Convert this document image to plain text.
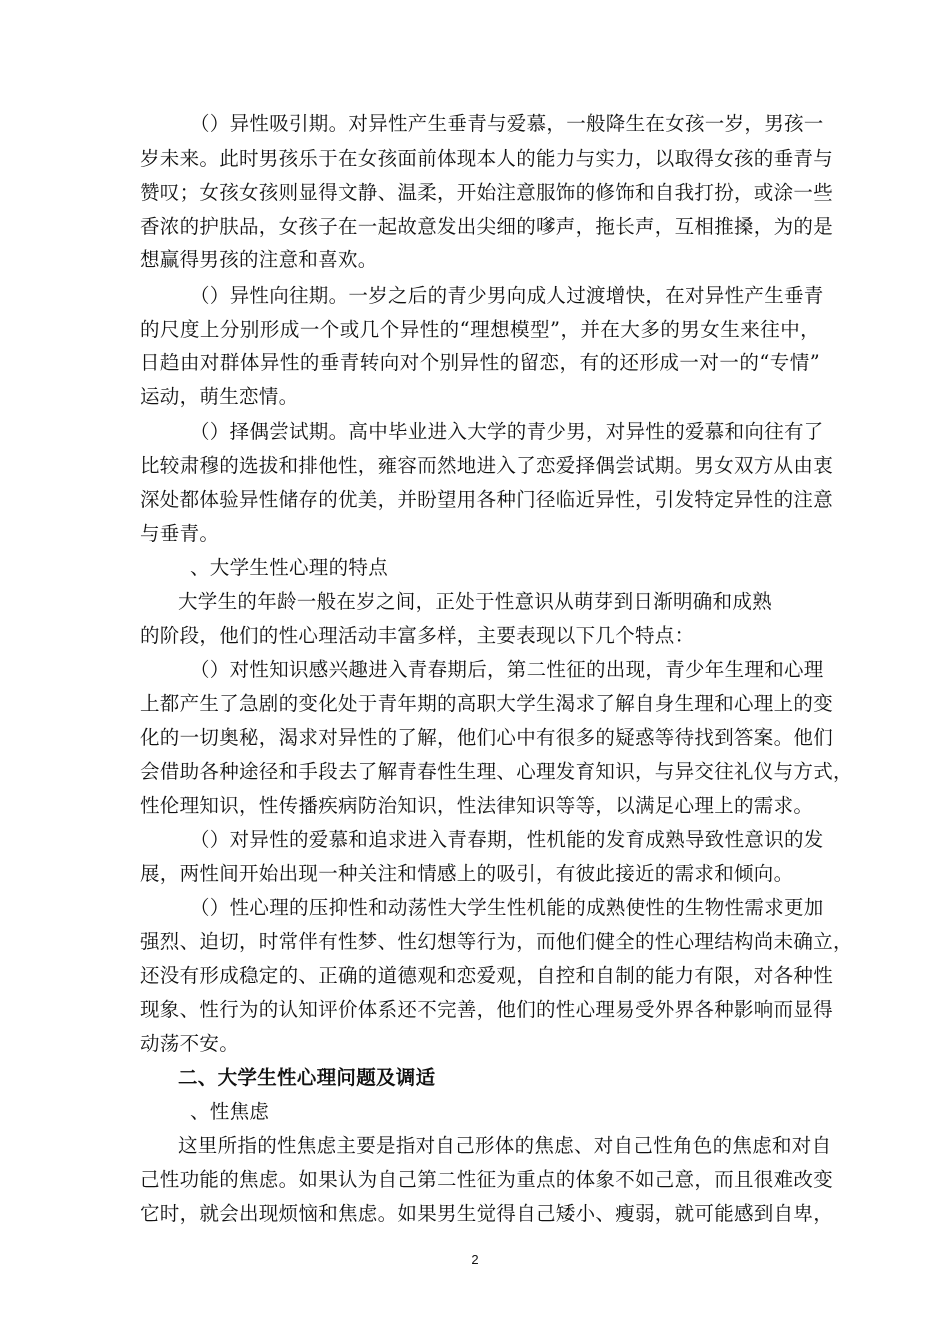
（）异性吸引期。对异性产生垂青与爱慕，一般降生在女孩一岁，男孩一
岁未来。此时男孩乐于在女孩面前体现本人的能力与实力，以取得女孩的垂青与
赞叹；女孩女孩则显得文静、温柔，开始注意服饰的修饰和自我打扮，或涂一些
香浓的护肤品，女孩子在一起故意发出尖细的嗲声，拖长声，互相推搡，为的是
想赢得男孩的注意和喜欢。
（）异性向往期。一岁之后的青少男向成人过渡增快，在对异性产生垂青
的尺度上分别形成一个或几个异性的“理想模型”，并在大多的男女生来往中，
日趋由对群体异性的垂青转向对个别异性的留恋，有的还形成一对一的“专情”
运动，萌生恋情。
（）择偶尝试期。高中毕业进入大学的青少男，对异性的爱慕和向往有了
比较肃穆的选拔和排他性，雍容而然地进入了恋爱择偶尝试期。男女双方从由衷
深处都体验异性储存的优美，并盼望用各种门径临近异性，引发特定异性的注意
与垂青。
、大学生性心理的特点
大学生的年龄一般在岁之间，正处于性意识从萌芽到日渐明确和成熟
的阶段，他们的性心理活动丰富多样，主要表现以下几个特点：
（）对性知识感兴趣进入青春期后，第二性征的出现，青少年生理和心理
上都产生了急剧的变化处于青年期的高职大学生渴求了解自身生理和心理上的变
化的一切奥秘，渴求对异性的了解，他们心中有很多的疑惑等待找到答案。他们
会借助各种途径和手段去了解青春性生理、心理发育知识，与异交往礼仪与方式，
性伦理知识，性传播疾病防治知识，性法律知识等等，以满足心理上的需求。
（）对异性的爱慕和追求进入青春期，性机能的发育成熟导致性意识的发
展，两性间开始出现一种关注和情感上的吸引，有彼此接近的需求和倾向。
（）性心理的压抑性和动荡性大学生性机能的成熟使性的生物性需求更加
强烈、迫切，时常伴有性梦、性幻想等行为，而他们健全的性心理结构尚未确立，
还没有形成稳定的、正确的道德观和恋爱观，自控和自制的能力有限，对各种性
现象、性行为的认知评价体系还不完善，他们的性心理易受外界各种影响而显得
动荡不安。
二、大学生性心理问题及调适
、性焦虑
这里所指的性焦虑主要是指对自己形体的焦虑、对自己性角色的焦虑和对自
己性功能的焦虑。如果认为自己第二性征为重点的体象不如己意，而且很难改变
它时，就会出现烦恼和焦虑。如果男生觉得自己矮小、瘦弱，就可能感到自卑，
2
